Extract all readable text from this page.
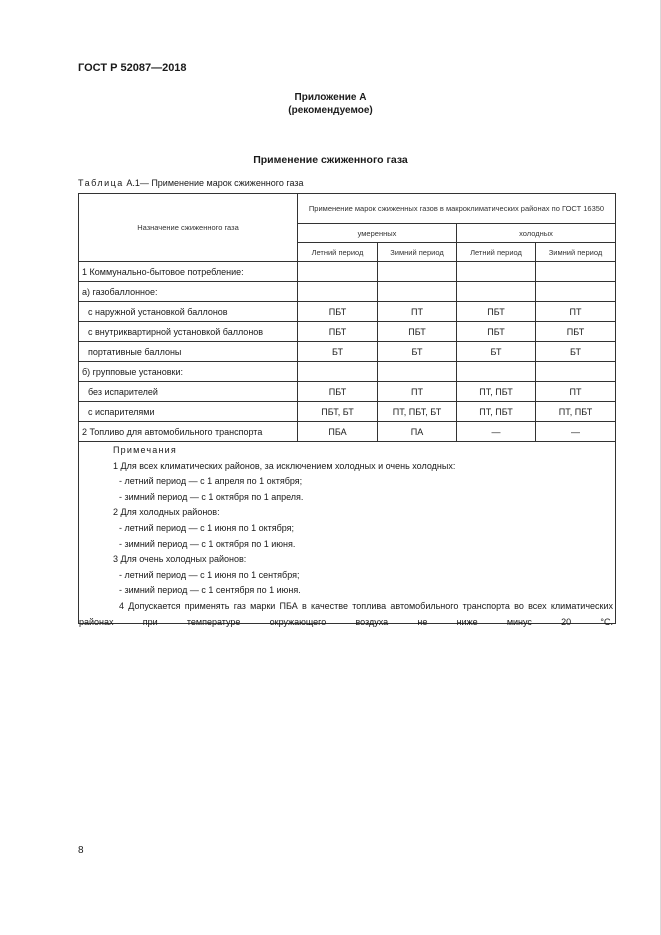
ГОСТ Р 52087—2018
Приложение А
(рекомендуемое)
Применение сжиженного газа
Таблица А.1— Применение марок сжиженного газа
Назначение сжиженного газа	Применение марок сжиженных газов в макроклиматических районах по ГОСТ 16350			
	умеренных		холодных	
	Летний период	Зимний период	Летний период	Зимний период
1 Коммунально-бытовое потребление:				
а) газобаллонное:				
с наружной установкой баллонов	ПБТ	ПТ	ПБТ	ПТ
с внутриквартирной установкой баллонов	ПБТ	ПБТ	ПБТ	ПБТ
портативные баллоны	БТ	БТ	БТ	БТ
б) групповые установки:				
без испарителей	ПБТ	ПТ	ПТ, ПБТ	ПТ
с испарителями	ПБТ, БТ	ПТ, ПБТ, БТ	ПТ, ПБТ	ПТ, ПБТ
2 Топливо для автомобильного транспорта	ПБА	ПА	—	—

Примечания
1 Для всех климатических районов, за исключением холодных и очень холодных:
- летний период — с 1 апреля по 1 октября;
- зимний период — с 1 октября по 1 апреля.
2 Для холодных районов:
- летний период — с 1 июня по 1 октября;
- зимний период — с 1 октября по 1 июня.
3 Для очень холодных районов:
- летний период — с 1 июня по 1 сентября;
- зимний период — с 1 сентября по 1 июня.
4 Допускается применять газ марки ПБА в качестве топлива автомобильного транспорта во всех климатических районах при температуре окружающего воздуха не ниже минус 20 °С.
8
